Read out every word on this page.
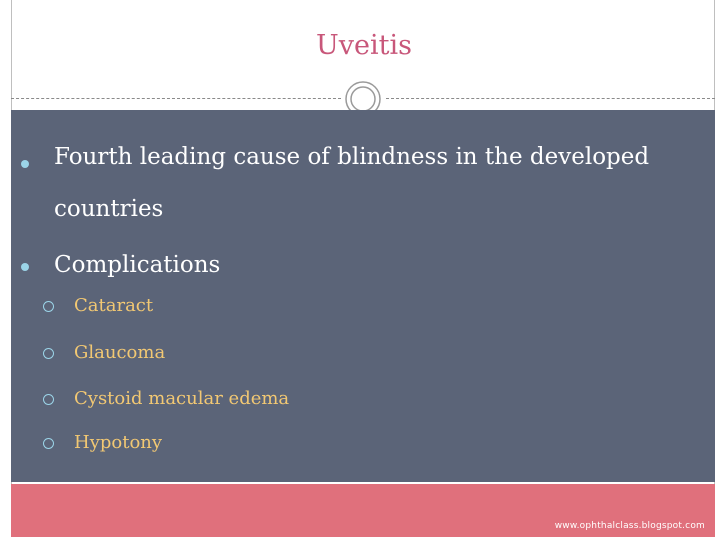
Uveitis
Fourth leading cause of blindness in the developed countries
Complications
Cataract
Glaucoma
Cystoid macular edema
Hypotony
www.ophthalclass.blogspot.com
